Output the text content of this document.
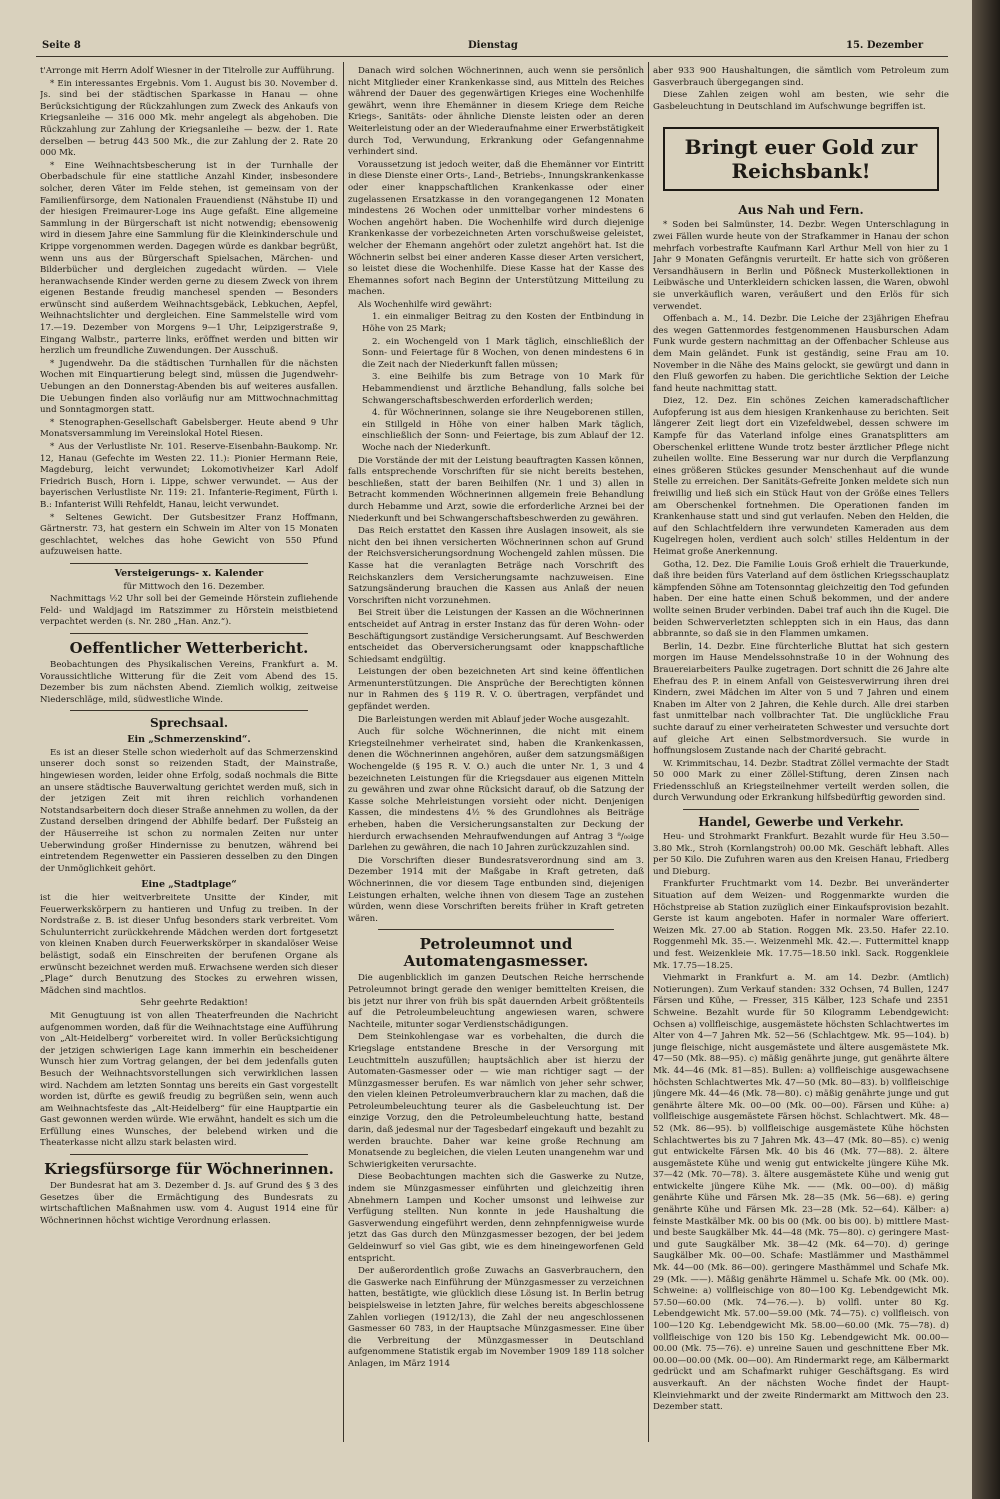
Seite 8	Dienstag	15. Dezember

t'Arronge mit Herrn Adolf Wiesner in der Titelrolle zur Aufführung.

* Ein interessantes Ergebnis. Vom 1. August bis 30. November d. Js. sind bei der städtischen Sparkasse in Hanau — ohne Berücksichtigung der Rückzahlungen zum Zweck des Ankaufs von Kriegsanleihe — 316 000 Mk. mehr angelegt als abgehoben. Die Rückzahlung zur Zahlung der Kriegsanleihe — bezw. der 1. Rate derselben — betrug 443 500 Mk., die zur Zahlung der 2. Rate 20 000 Mk.

* Eine Weihnachtsbescherung ist in der Turnhalle der Oberbadschule für eine stattliche Anzahl Kinder, insbesondere solcher, deren Väter im Felde stehen, ist gemeinsam von der Familienfürsorge, dem Nationalen Frauendienst (Nähstube II) und der hiesigen Freimaurer-Loge ins Auge gefaßt. Eine allgemeine Sammlung in der Bürgerschaft ist nicht notwendig; ebensowenig wird in diesem Jahre eine Sammlung für die Kleinkinderschule und Krippe vorgenommen werden. Dagegen würde es dankbar begrüßt, wenn uns aus der Bürgerschaft Spielsachen, Märchen- und Bilderbücher und dergleichen zugedacht würden. — Viele heranwachsende Kinder werden gerne zu diesem Zweck von ihrem eigenen Bestande freudig manchesel spenden — Besonders erwünscht sind außerdem Weihnachtsgebäck, Lebkuchen, Aepfel, Weihnachtslichter und dergleichen. Eine Sammelstelle wird vom 17.—19. Dezember von Morgens 9—1 Uhr, Leipzigerstraße 9, Eingang Walbstr., parterre links, eröffnet werden und bitten wir herzlich um freundliche Zuwendungen. Der Ausschuß.

* Jugendwehr. Da die städtischen Turnhallen für die nächsten Wochen mit Einquartierung belegt sind, müssen die Jugendwehr-Uebungen an den Donnerstag-Abenden bis auf weiteres ausfallen. Die Uebungen finden also vorläufig nur am Mittwochnachmittag und Sonntagmorgen statt.

* Stenographen-Gesellschaft Gabelsberger. Heute abend 9 Uhr Monatsversammlung im Vereinslokal Hotel Riesen.

* Aus der Verlustliste Nr. 101. Reserve-Eisenbahn-Baukomp. Nr. 12, Hanau (Gefechte im Westen 22. 11.): Pionier Hermann Reie, Magdeburg, leicht verwundet; Lokomotivheizer Karl Adolf Friedrich Busch, Horn i. Lippe, schwer verwundet. — Aus der bayerischen Verlustliste Nr. 119: 21. Infanterie-Regiment, Fürth i. B.: Infanterist Willi Rehfeldt, Hanau, leicht verwundet.

* Seltenes Gewicht. Der Gutsbesitzer Franz Hoffmann, Gärtnerstr. 73, hat gestern ein Schwein im Alter von 15 Monaten geschlachtet, welches das hohe Gewicht von 550 Pfund aufzuweisen hatte.

Versteigerungs- x. Kalender

für Mittwoch den 16. Dezember.

Nachmittags ½2 Uhr soll bei der Gemeinde Hörstein zufliehende Feld- und Waldjagd im Ratszimmer zu Hörstein meistbietend verpachtet werden (s. Nr. 280 „Han. Anz.“).

Oeffentlicher Wetterbericht.

Beobachtungen des Physikalischen Vereins, Frankfurt a. M. Voraussichtliche Witterung für die Zeit vom Abend des 15. Dezember bis zum nächsten Abend. Ziemlich wolkig, zeitweise Niederschläge, mild, südwestliche Winde.

Sprechsaal.
Ein „Schmerzenskind“.

Es ist an dieser Stelle schon wiederholt auf das Schmerzenskind unserer doch sonst so reizenden Stadt, der Mainstraße, hingewiesen worden, leider ohne Erfolg, sodaß nochmals die Bitte an unsere städtische Bauverwaltung gerichtet werden muß, sich in der jetzigen Zeit mit ihren reichlich vorhandenen Notstandsarbeitern doch dieser Straße annehmen zu wollen, da der Zustand derselben dringend der Abhilfe bedarf. Der Fußsteig an der Häuserreihe ist schon zu normalen Zeiten nur unter Ueberwindung großer Hindernisse zu benutzen, während bei eintretendem Regenwetter ein Passieren desselben zu den Dingen der Unmöglichkeit gehört.

Eine „Stadtplage“

ist die hier weitverbreitete Unsitte der Kinder, mit Feuerwerkskörpern zu hantieren und Unfug zu treiben. In der Nordstraße z. B. ist dieser Unfug besonders stark verbreitet. Vom Schulunterricht zurückkehrende Mädchen werden dort fortgesetzt von kleinen Knaben durch Feuerwerkskörper in skandalöser Weise belästigt, sodaß ein Einschreiten der berufenen Organe als erwünscht bezeichnet werden muß. Erwachsene werden sich dieser „Plage“ durch Benutzung des Stockes zu erwehren wissen, Mädchen sind machtlos.

Sehr geehrte Redaktion!

Mit Genugtuung ist von allen Theaterfreunden die Nachricht aufgenommen worden, daß für die Weihnachtstage eine Aufführung von „Alt-Heidelberg“ vorbereitet wird. In voller Berücksichtigung der jetzigen schwierigen Lage kann immerhin ein bescheidener Wunsch hier zum Vortrag gelangen, der bei dem jedenfalls guten Besuch der Weihnachtsvorstellungen sich verwirklichen lassen wird. Nachdem am letzten Sonntag uns bereits ein Gast vorgestellt worden ist, dürfte es gewiß freudig zu begrüßen sein, wenn auch am Weihnachtsfeste das „Alt-Heidelberg“ für eine Hauptpartie ein Gast gewonnen werden würde. Wie erwähnt, handelt es sich um die Erfüllung eines Wunsches, der belebend wirken und die Theaterkasse nicht allzu stark belasten wird.

Kriegsfürsorge für Wöchnerinnen.

Der Bundesrat hat am 3. Dezember d. Js. auf Grund des § 3 des Gesetzes über die Ermächtigung des Bundesrats zu wirtschaftlichen Maßnahmen usw. vom 4. August 1914 eine für Wöchnerinnen höchst wichtige Verordnung erlassen.

Danach wird solchen Wöchnerinnen, auch wenn sie persönlich nicht Mitglieder einer Krankenkasse sind, aus Mitteln des Reiches während der Dauer des gegenwärtigen Krieges eine Wochenhilfe gewährt, wenn ihre Ehemänner in diesem Kriege dem Reiche Kriegs-, Sanitäts- oder ähnliche Dienste leisten oder an deren Weiterleistung oder an der Wiederaufnahme einer Erwerbstätigkeit durch Tod, Verwundung, Erkrankung oder Gefangennahme verhindert sind.

Voraussetzung ist jedoch weiter, daß die Ehemänner vor Eintritt in diese Dienste einer Orts-, Land-, Betriebs-, Innungskrankenkasse oder einer knappschaftlichen Krankenkasse oder einer zugelassenen Ersatzkasse in den vorangegangenen 12 Monaten mindestens 26 Wochen oder unmittelbar vorher mindestens 6 Wochen angehört haben. Die Wochenhilfe wird durch diejenige Krankenkasse der vorbezeichneten Arten vorschußweise geleistet, welcher der Ehemann angehört oder zuletzt angehört hat. Ist die Wöchnerin selbst bei einer anderen Kasse dieser Arten versichert, so leistet diese die Wochenhilfe. Diese Kasse hat der Kasse des Ehemannes sofort nach Beginn der Unterstützung Mitteilung zu machen.

Als Wochenhilfe wird gewährt:

1. ein einmaliger Beitrag zu den Kosten der Entbindung in Höhe von 25 Mark;

2. ein Wochengeld von 1 Mark täglich, einschließlich der Sonn- und Feiertage für 8 Wochen, von denen mindestens 6 in die Zeit nach der Niederkunft fallen müssen;

3. eine Beihilfe bis zum Betrage von 10 Mark für Hebammendienst und ärztliche Behandlung, falls solche bei Schwangerschaftsbeschwerden erforderlich werden;

4. für Wöchnerinnen, solange sie ihre Neugeborenen stillen, ein Stillgeld in Höhe von einer halben Mark täglich, einschließlich der Sonn- und Feiertage, bis zum Ablauf der 12. Woche nach der Niederkunft.

Die Vorstände der mit der Leistung beauftragten Kassen können, falls entsprechende Vorschriften für sie nicht bereits bestehen, beschließen, statt der baren Beihilfen (Nr. 1 und 3) allen in Betracht kommenden Wöchnerinnen allgemein freie Behandlung durch Hebamme und Arzt, sowie die erforderliche Arznei bei der Niederkunft und bei Schwangerschaftsbeschwerden zu gewähren.

Das Reich erstattet den Kassen ihre Auslagen insoweit, als sie nicht den bei ihnen versicherten Wöchnerinnen schon auf Grund der Reichsversicherungsordnung Wochengeld zahlen müssen. Die Kasse hat die veranlagten Beträge nach Vorschrift des Reichskanzlers dem Versicherungsamte nachzuweisen. Eine Satzungsänderung brauchen die Kassen aus Anlaß der neuen Vorschriften nicht vorzunehmen.

Bei Streit über die Leistungen der Kassen an die Wöchnerinnen entscheidet auf Antrag in erster Instanz das für deren Wohn- oder Beschäftigungsort zuständige Versicherungsamt. Auf Beschwerden entscheidet das Oberversicherungsamt oder knappschaftliche Schiedsamt endgültig.

Leistungen der oben bezeichneten Art sind keine öffentlichen Armenunterstützungen. Die Ansprüche der Berechtigten können nur in Rahmen des § 119 R. V. O. übertragen, verpfändet und gepfändet werden.

Die Barleistungen werden mit Ablauf jeder Woche ausgezahlt.

Auch für solche Wöchnerinnen, die nicht mit einem Kriegsteilnehmer verheiratet sind, haben die Krankenkassen, denen die Wöchnerinnen angehören, außer dem satzungsmäßigen Wochengelde (§ 195 R. V. O.) auch die unter Nr. 1, 3 und 4 bezeichneten Leistungen für die Kriegsdauer aus eigenen Mitteln zu gewähren und zwar ohne Rücksicht darauf, ob die Satzung der Kasse solche Mehrleistungen vorsieht oder nicht. Denjenigen Kassen, die mindestens 4½ % des Grundlohnes als Beiträge erheben, haben die Versicherungsanstalten zur Deckung der hierdurch erwachsenden Mehraufwendungen auf Antrag 3 ⁸/₀₀ige Darlehen zu gewähren, die nach 10 Jahren zurückzuzahlen sind.

Die Vorschriften dieser Bundesratsverordnung sind am 3. Dezember 1914 mit der Maßgabe in Kraft getreten, daß Wöchnerinnen, die vor diesem Tage entbunden sind, diejenigen Leistungen erhalten, welche ihnen von diesem Tage an zustehen würden, wenn diese Vorschriften bereits früher in Kraft getreten wären.

Petroleumnot und Automatengasmesser.

Die augenblicklich im ganzen Deutschen Reiche herrschende Petroleumnot bringt gerade den weniger bemittelten Kreisen, die bis jetzt nur ihrer von früh bis spät dauernden Arbeit größtenteils auf die Petroleumbeleuchtung angewiesen waren, schwere Nachteile, mitunter sogar Verdienstschädigungen.

Dem Steinkohlengase war es vorbehalten, die durch die Kriegslage entstandene Bresche in der Versorgung mit Leuchtmitteln auszufüllen; hauptsächlich aber ist hierzu der Automaten-Gasmesser oder — wie man richtiger sagt — der Münzgasmesser berufen. Es war nämlich von jeher sehr schwer, den vielen kleinen Petroleumverbrauchern klar zu machen, daß die Petroleumbeleuchtung teurer als die Gasbeleuchtung ist. Der einzige Vorzug, den die Petroleumbeleuchtung hatte, bestand darin, daß jedesmal nur der Tagesbedarf eingekauft und bezahlt zu werden brauchte. Daher war keine große Rechnung am Monatsende zu begleichen, die vielen Leuten unangenehm war und Schwierigkeiten verursachte.

Diese Beobachtungen machten sich die Gaswerke zu Nutze, indem sie Münzgasmesser einführten und gleichzeitig ihren Abnehmern Lampen und Kocher umsonst und leihweise zur Verfügung stellten. Nun konnte in jede Haushaltung die Gasverwendung eingeführt werden, denn zehnpfennigweise wurde jetzt das Gas durch den Münzgasmesser bezogen, der bei jedem Geldeinwurf so viel Gas gibt, wie es dem hineingeworfenen Geld entspricht.

Der außerordentlich große Zuwachs an Gasverbrauchern, den die Gaswerke nach Einführung der Münzgasmesser zu verzeichnen hatten, bestätigte, wie glücklich diese Lösung ist. In Berlin betrug beispielsweise in letzten Jahre, für welches bereits abgeschlossene Zahlen vorliegen (1912/13), die Zahl der neu angeschlossenen Gasmesser 60 783, in der Hauptsache Münzgasmesser. Eine über die Verbreitung der Münzgasmesser in Deutschland aufgenommene Statistik ergab im November 1909 189 118 solcher Anlagen, im März 1914

aber 933 900 Haushaltungen, die sämtlich vom Petroleum zum Gasverbrauch übergegangen sind.

Diese Zahlen zeigen wohl am besten, wie sehr die Gasbeleuchtung in Deutschland im Aufschwunge begriffen ist.

Bringt euer Gold zur Reichsbank!
Aus Nah und Fern.

* Soden bei Salmünster, 14. Dezbr. Wegen Unterschlagung in zwei Fällen wurde heute von der Strafkammer in Hanau der schon mehrfach vorbestrafte Kaufmann Karl Arthur Mell von hier zu 1 Jahr 9 Monaten Gefängnis verurteilt. Er hatte sich von größeren Versandhäusern in Berlin und Pößneck Musterkollektionen in Leibwäsche und Unterkleidern schicken lassen, die Waren, obwohl sie unverkäuflich waren, veräußert und den Erlös für sich verwendet.

Offenbach a. M., 14. Dezbr. Die Leiche der 23jährigen Ehefrau des wegen Gattenmordes festgenommenen Hausburschen Adam Funk wurde gestern nachmittag an der Offenbacher Schleuse aus dem Main geländet. Funk ist geständig, seine Frau am 10. November in die Nähe des Mains gelockt, sie gewürgt und dann in den Fluß geworfen zu haben. Die gerichtliche Sektion der Leiche fand heute nachmittag statt.

Diez, 12. Dez. Ein schönes Zeichen kameradschaftlicher Aufopferung ist aus dem hiesigen Krankenhause zu berichten. Seit längerer Zeit liegt dort ein Vizefeldwebel, dessen schwere im Kampfe für das Vaterland infolge eines Granatsplitters am Oberschenkel erlittene Wunde trotz bester ärztlicher Pflege nicht zuheilen wollte. Eine Besserung war nur durch die Verpflanzung eines größeren Stückes gesunder Menschenhaut auf die wunde Stelle zu erreichen. Der Sanitäts-Gefreite Jonken meldete sich nun freiwillig und ließ sich ein Stück Haut von der Größe eines Tellers am Oberschenkel fortnehmen. Die Operationen fanden im Krankenhause statt und sind gut verlaufen. Neben den Helden, die auf den Schlachtfeldern ihre verwundeten Kameraden aus dem Kugelregen holen, verdient auch solch' stilles Heldentum in der Heimat große Anerkennung.

Gotha, 12. Dez. Die Familie Louis Groß erhielt die Trauerkunde, daß ihre beiden fürs Vaterland auf dem östlichen Kriegsschauplatz kämpfenden Söhne am Totensonntag gleichzeitig den Tod gefunden haben. Der eine hatte einen Schuß bekommen, und der andere wollte seinen Bruder verbinden. Dabei traf auch ihn die Kugel. Die beiden Schwerverletzten schleppten sich in ein Haus, das dann abbrannte, so daß sie in den Flammen umkamen.

Berlin, 14. Dezbr. Eine fürchterliche Bluttat hat sich gestern morgen im Hause Mendelssohnstraße 10 in der Wohnung des Brauereiarbeiters Paulke zugetragen. Dort schnitt die 26 Jahre alte Ehefrau des P. in einem Anfall von Geistesverwirrung ihren drei Kindern, zwei Mädchen im Alter von 5 und 7 Jahren und einem Knaben im Alter von 2 Jahren, die Kehle durch. Alle drei starben fast unmittelbar nach vollbrachter Tat. Die unglückliche Frau suchte darauf zu einer verheirateten Schwester und versuchte dort auf gleiche Art einen Selbstmordversuch. Sie wurde in hoffnungslosem Zustande nach der Charité gebracht.

W. Krimmitschau, 14. Dezbr. Stadtrat Zöllel vermachte der Stadt 50 000 Mark zu einer Zöllel-Stiftung, deren Zinsen nach Friedensschluß an Kriegsteilnehmer verteilt werden sollen, die durch Verwundung oder Erkrankung hilfsbedürftig geworden sind.

Handel, Gewerbe und Verkehr.

Heu- und Strohmarkt Frankfurt. Bezahlt wurde für Heu 3.50—3.80 Mk., Stroh (Kornlangstroh) 00.00 Mk. Geschäft lebhaft. Alles per 50 Kilo. Die Zufuhren waren aus den Kreisen Hanau, Friedberg und Dieburg.

Frankfurter Fruchtmarkt vom 14. Dezbr. Bei unveränderter Situation auf dem Weizen- und Roggenmarkte wurden die Höchstpreise ab Station zuzüglich einer Einkaufsprovision bezahlt. Gerste ist kaum angeboten. Hafer in normaler Ware offeriert. Weizen Mk. 27.00 ab Station. Roggen Mk. 23.50. Hafer 22.10. Roggenmehl Mk. 35.—. Weizenmehl Mk. 42.—. Futtermittel knapp und fest. Weizenkleie Mk. 17.75—18.50 inkl. Sack. Roggenkleie Mk. 17.75—18.25.

Viehmarkt in Frankfurt a. M. am 14. Dezbr. (Amtlich) Notierungen). Zum Verkauf standen: 332 Ochsen, 74 Bullen, 1247 Färsen und Kühe, — Fresser, 315 Kälber, 123 Schafe und 2351 Schweine. Bezahlt wurde für 50 Kilogramm Lebendgewicht: Ochsen a) vollfleischige, ausgemästete höchsten Schlachtwertes im Alter von 4—7 Jahren Mk. 52—56 (Schlachtgew. Mk. 95—104). b) junge fleischige, nicht ausgemästete und ältere ausgemästete Mk. 47—50 (Mk. 88—95). c) mäßig genährte junge, gut genährte ältere Mk. 44—46 (Mk. 81—85). Bullen: a) vollfleischige ausgewachsene höchsten Schlachtwertes Mk. 47—50 (Mk. 80—83). b) vollfleischige jüngere Mk. 44—46 (Mk. 78—80). c) mäßig genährte junge und gut genährte ältere Mk. 00—00 (Mk. 00—00). Färsen und Kühe: a) vollfleischige ausgemästete Färsen höchst. Schlachtwert. Mk. 48—52 (Mk. 86—95). b) vollfleischige ausgemästete Kühe höchsten Schlachtwertes bis zu 7 Jahren Mk. 43—47 (Mk. 80—85). c) wenig gut entwickelte Färsen Mk. 40 bis 46 (Mk. 77—88). 2. ältere ausgemästete Kühe und wenig gut entwickelte jüngere Kühe Mk. 37—42 (Mk. 70—78). 3. ältere ausgemästete Kühe und wenig gut entwickelte jüngere Kühe Mk. —— (Mk. 00—00). d) mäßig genährte Kühe und Färsen Mk. 28—35 (Mk. 56—68). e) gering genährte Kühe und Färsen Mk. 23—28 (Mk. 52—64). Kälber: a) feinste Mastkälber Mk. 00 bis 00 (Mk. 00 bis 00). b) mittlere Mast- und beste Saugkälber Mk. 44—48 (Mk. 75—80). c) geringere Mast- und gute Saugkälber Mk. 38—42 (Mk. 64—70). d) geringe Saugkälber Mk. 00—00. Schafe: Mastlämmer und Masthämmel Mk. 44—00 (Mk. 86—00). geringere Masthämmel und Schafe Mk. 29 (Mk. ——). Mäßig genährte Hämmel u. Schafe Mk. 00 (Mk. 00). Schweine: a) vollfleischige von 80—100 Kg. Lebendgewicht Mk. 57.50—60.00 (Mk. 74—76.—). b) vollfl. unter 80 Kg. Lebendgewicht Mk. 57.00—59.00 (Mk. 74—75). c) vollfleisch. von 100—120 Kg. Lebendgewicht Mk. 58.00—60.00 (Mk. 75—78). d) vollfleischige von 120 bis 150 Kg. Lebendgewicht Mk. 00.00—00.00 (Mk. 75—76). e) unreine Sauen und geschnittene Eber Mk. 00.00—00.00 (Mk. 00—00). Am Rindermarkt rege, am Kälbermarkt gedrückt und am Schafmarkt ruhiger Geschäftsgang. Es wird ausverkauft. An der nächsten Woche findet der Haupt-Kleinviehmarkt und der zweite Rindermarkt am Mittwoch den 23. Dezember statt.
